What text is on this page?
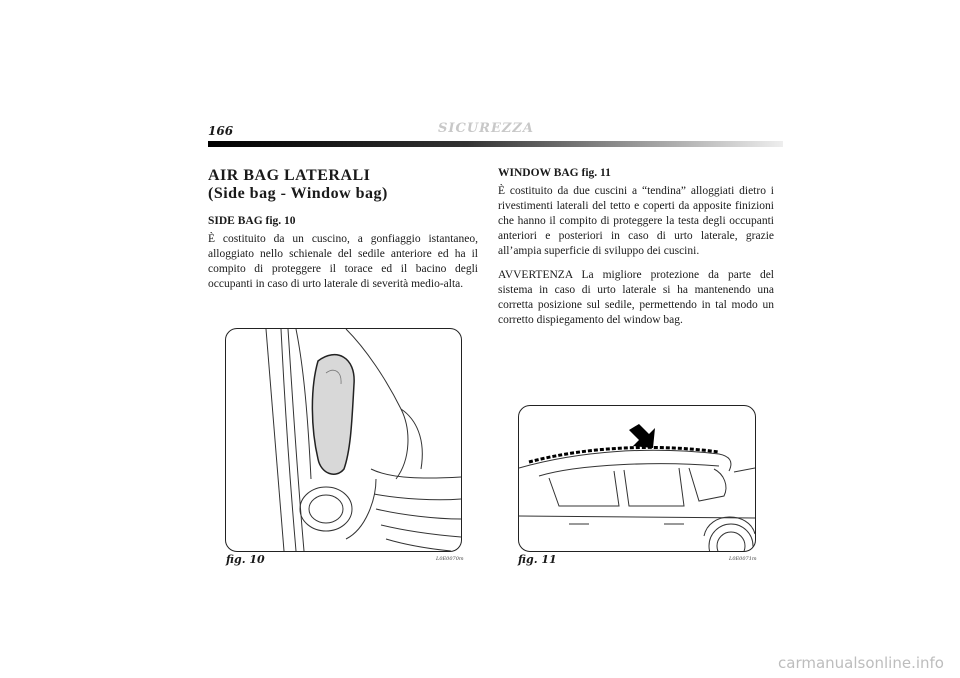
166	SICUREZZA

AIR BAG LATERALI

(Side bag - Window bag)

SIDE BAG fig. 10

È costituito da un cuscino, a gonfiaggio istantaneo, alloggiato nello schienale del sedile anteriore ed ha il compito di proteggere il torace ed il bacino degli occupanti in caso di urto laterale di severità medio-alta.

WINDOW BAG fig. 11

È costituito da due cuscini a “tendina” alloggiati dietro i rivestimenti laterali del tetto e coperti da apposite finizioni che hanno il compito di proteggere la testa degli occupanti anteriori e posteriori in caso di urto laterale, grazie all’ampia superficie di sviluppo dei cuscini.

AVVERTENZA La migliore protezione da parte del sistema in caso di urto laterale si ha mantenendo una corretta posizione sul sedile, permettendo in tal modo un corretto dispiegamento del window bag.

fig. 10	L0E0070m	fig. 11	L0E0071m
carmanualsonline.info
